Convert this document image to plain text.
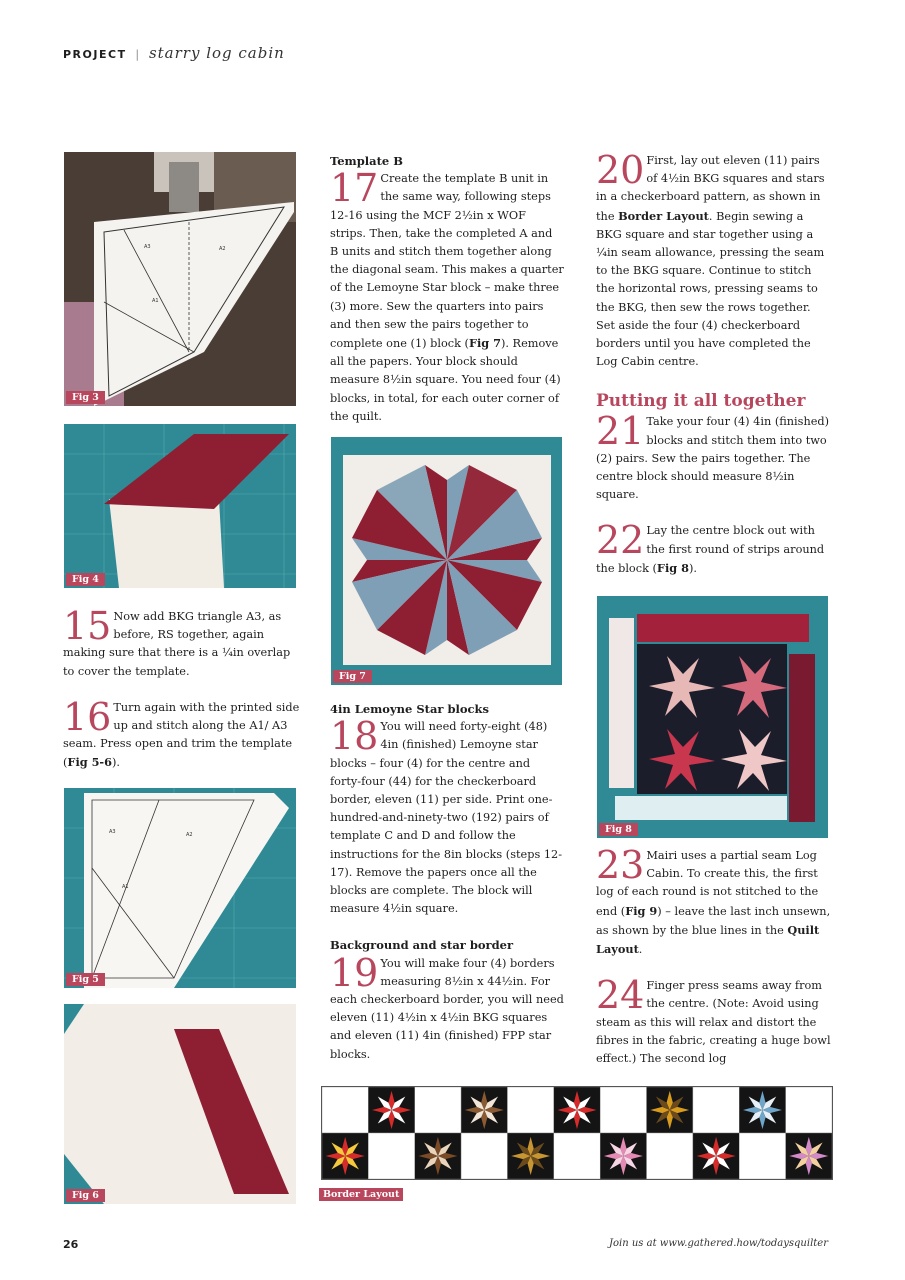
PROJECT | starry log cabin
A3	A2
A1
Fig 3
Fig 4
A3	A2
A1
Fig 5
Fig 6
Fig 7
Fig 8
15 Now add BKG triangle A3, as before, RS together, again making sure that there is a ¼in overlap to cover the template.
16 Turn again with the printed side up and stitch along the A1/ A3 seam. Press open and trim the template (Fig 5-6).

Template B

17 Create the template B unit in the same way, following steps 12-16 using the MCF 2½in x WOF strips. Then, take the completed A and B units and stitch them together along the diagonal seam. This makes a quarter of the Lemoyne Star block – make three (3) more. Sew the quarters into pairs and then sew the pairs together to complete one (1) block (Fig 7). Remove all the papers. Your block should measure 8½in square. You need four (4) blocks, in total, for each outer corner of the quilt.

4in Lemoyne Star blocks

18 You will need forty-eight (48) 4in (finished) Lemoyne star blocks – four (4) for the centre and forty-four (44) for the checkerboard border, eleven (11) per side. Print one-hundred-and-ninety-two (192) pairs of template C and D and follow the instructions for the 8in blocks (steps 12-17). Remove the papers once all the blocks are complete. The block will measure 4½in square.

Background and star border

19 You will make four (4) borders measuring 8½in x 44½in. For each checkerboard border, you will need eleven (11) 4½in x 4½in BKG squares and eleven (11) 4in (finished) FPP star blocks.
20 First, lay out eleven (11) pairs of 4½in BKG squares and stars in a checkerboard pattern, as shown in the Border Layout. Begin sewing a BKG square and star together using a ¼in seam allowance, pressing the seam to the BKG square. Continue to stitch the horizontal rows, pressing seams to the BKG, then sew the rows together. Set aside the four (4) checkerboard borders until you have completed the Log Cabin centre.

Putting it all together

21 Take your four (4) 4in (finished) blocks and stitch them into two (2) pairs. Sew the pairs together. The centre block should measure 8½in square.
22 Lay the centre block out with the first round of strips around the block (Fig 8).
23 Mairi uses a partial seam Log Cabin. To create this, the first log of each round is not stitched to the end (Fig 9) – leave the last inch unsewn, as shown by the blue lines in the Quilt Layout.
24 Finger press seams away from the centre. (Note: Avoid using steam as this will relax and distort the fibres in the fabric, creating a huge bowl effect.) The second log
Border Layout
26	Join us at www.gathered.how/todaysquilter
